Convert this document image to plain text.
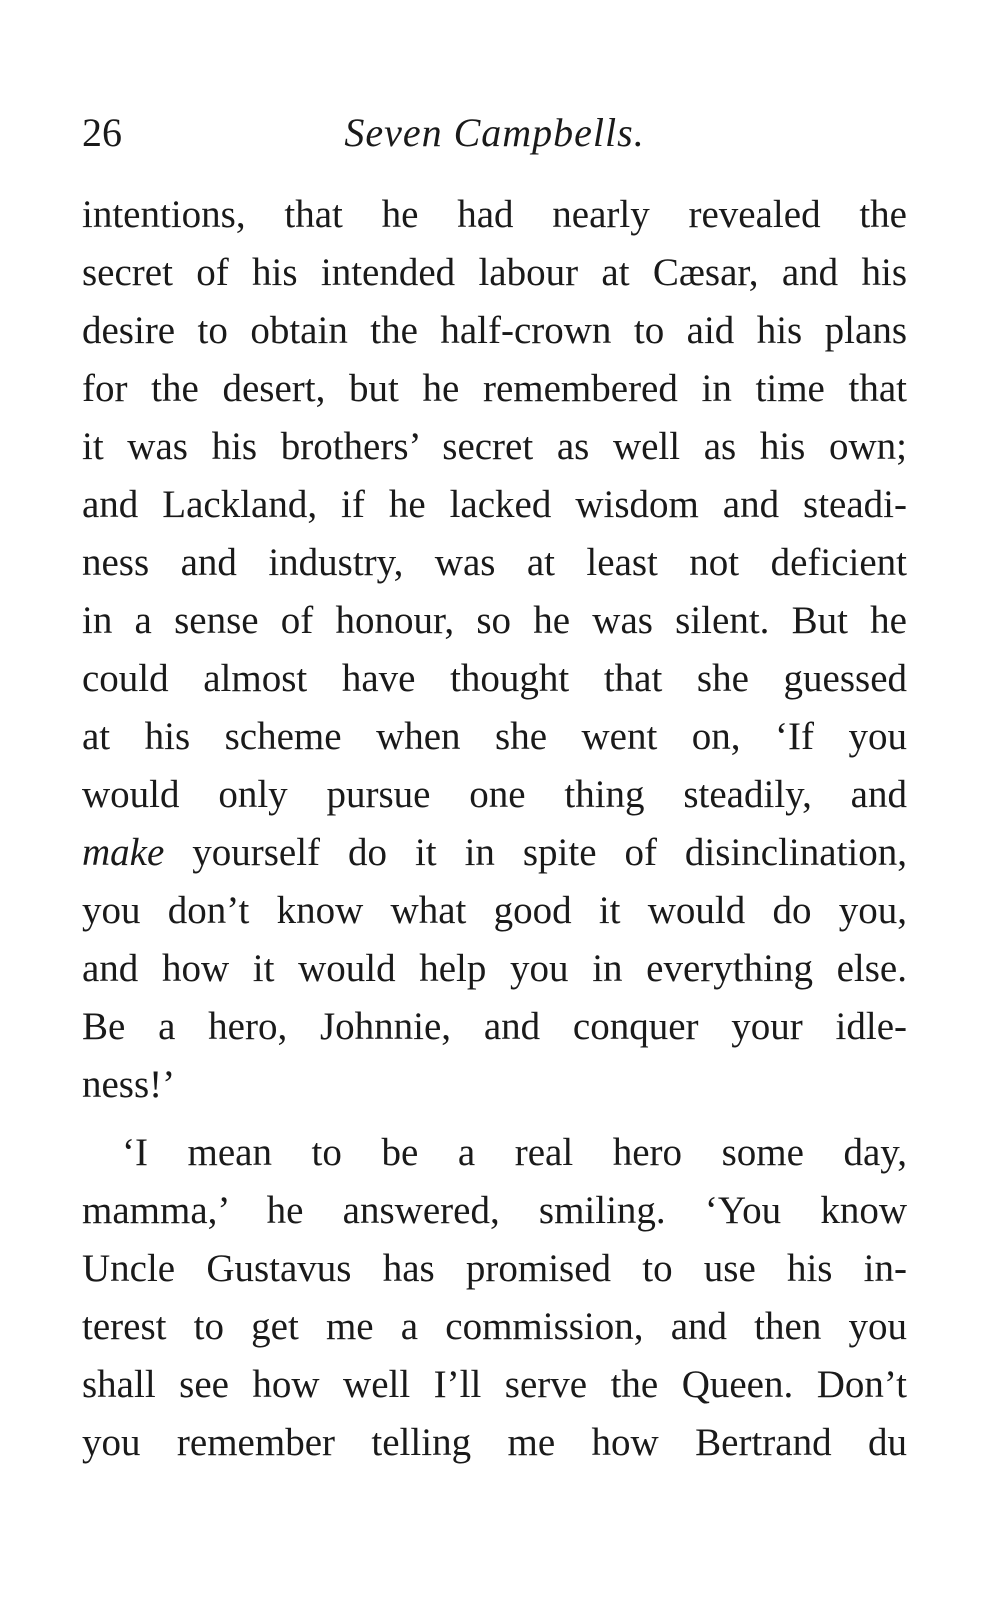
26	Seven Campbells.
intentions, that he had nearly revealed the
secret of his intended labour at Cæsar, and his
desire to obtain the half-crown to aid his plans
for the desert, but he remembered in time that
it was his brothers’ secret as well as his own;
and Lackland, if he lacked wisdom and steadi-
ness and industry, was at least not deficient
in a sense of honour, so he was silent. But he
could almost have thought that she guessed
at his scheme when she went on, ‘If you
would only pursue one thing steadily, and
make yourself do it in spite of disinclination,
you don’t know what good it would do you,
and how it would help you in everything else.
Be a hero, Johnnie, and conquer your idle-
ness!’
‘I mean to be a real hero some day,
mamma,’ he answered, smiling. ‘You know
Uncle Gustavus has promised to use his in-
terest to get me a commission, and then you
shall see how well I’ll serve the Queen. Don’t
you remember telling me how Bertrand du
